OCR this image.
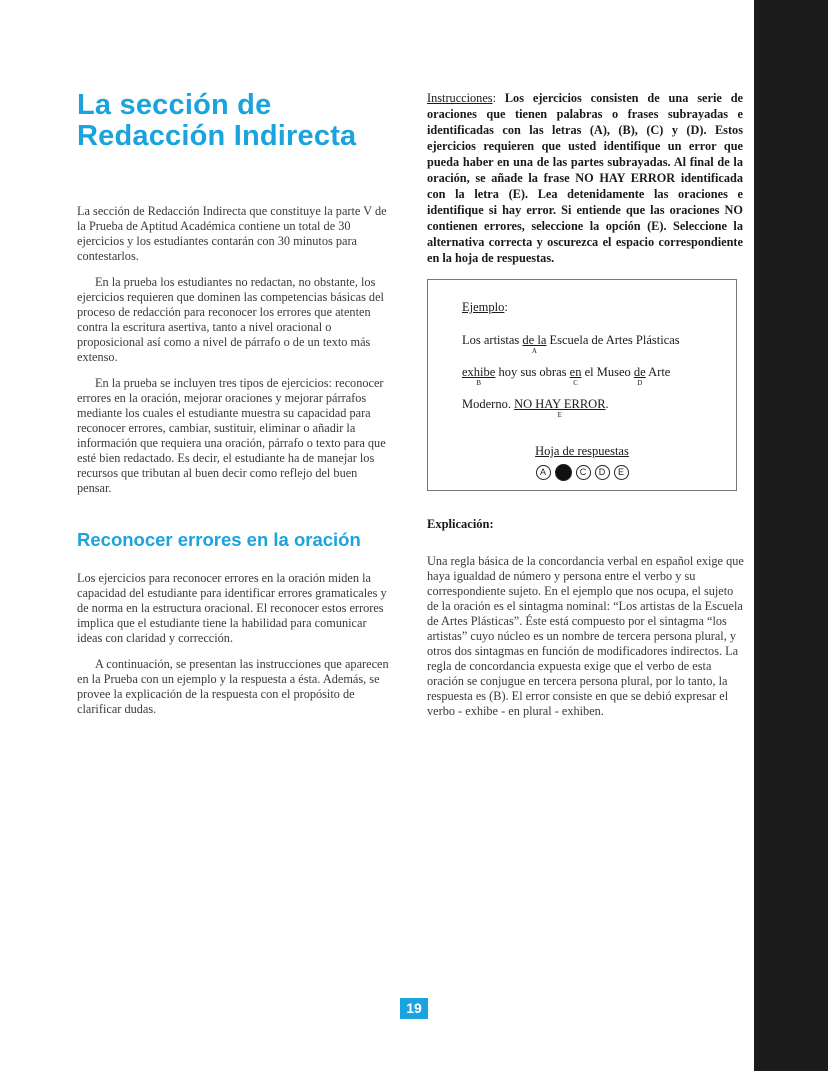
La sección de
Redacción Indirecta

La sección de Redacción Indirecta que constituye la parte V de la Prueba de Aptitud Académica contiene un total de 30 ejercicios y los estudiantes contarán con 30 minutos para contestarlos.

En la prueba los estudiantes no redactan, no obstante, los ejercicios requieren que dominen las competencias básicas del proceso de redacción para reconocer los errores que atenten contra la escritura asertiva, tanto a nivel oracional o proposicional así como a nivel de párrafo o de un texto más extenso.

En la prueba se incluyen tres tipos de ejercicios: reconocer errores en la oración, mejorar oraciones y mejorar párrafos mediante los cuales el estudiante muestra su capacidad para reconocer errores, cambiar, sustituir, eliminar o añadir la información que requiera una oración, párrafo o texto para que esté bien redactado. Es decir, el estudiante ha de manejar los recursos que tributan al buen decir como reflejo del buen pensar.

Reconocer errores en la oración

Los ejercicios para reconocer errores en la oración miden la capacidad del estudiante para identificar errores gramaticales y de norma en la estructura oracional. El reconocer estos errores implica que el estudiante tiene la habilidad para comunicar ideas con claridad y corrección.

A continuación, se presentan las instrucciones que aparecen en la Prueba con un ejemplo y la respuesta a ésta. Además, se provee la explicación de la respuesta con el propósito de clarificar dudas.

Instrucciones: Los ejercicios consisten de una serie de oraciones que tienen palabras o frases subrayadas e identificadas con las letras (A), (B), (C) y (D). Estos ejercicios requieren que usted identifique un error que pueda haber en una de las partes subrayadas. Al final de la oración, se añade la frase NO HAY ERROR identificada con la letra (E). Lea detenidamente las oraciones e identifique si hay error. Si entiende que las oraciones NO contienen errores, seleccione la opción (E). Seleccione la alternativa correcta y oscurezca el espacio correspondiente en la hoja de respuestas.

Ejemplo:
Los artistas de la
A
Escuela de Artes Plásticas
exhibe
B
hoy sus obras en
C
el Museo de
D
Arte
Moderno. NO HAY ERROR
E
.
Hoja de respuestas
A	C D E
Explicación:

Una regla básica de la concordancia verbal en español exige que haya igualdad de número y persona entre el verbo y su correspondiente sujeto. En el ejemplo que nos ocupa, el sujeto de la oración es el sintagma nominal: “Los artistas de la Escuela de Artes Plásticas”. Éste está compuesto por el sintagma “los artistas” cuyo núcleo es un nombre de tercera persona plural, y otros dos sintagmas en función de modificadores indirectos. La regla de concordancia expuesta exige que el verbo de esta oración se conjugue en tercera persona plural, por lo tanto, la respuesta es (B). El error consiste en que se debió expresar el verbo - exhibe - en plural - exhiben.

19
